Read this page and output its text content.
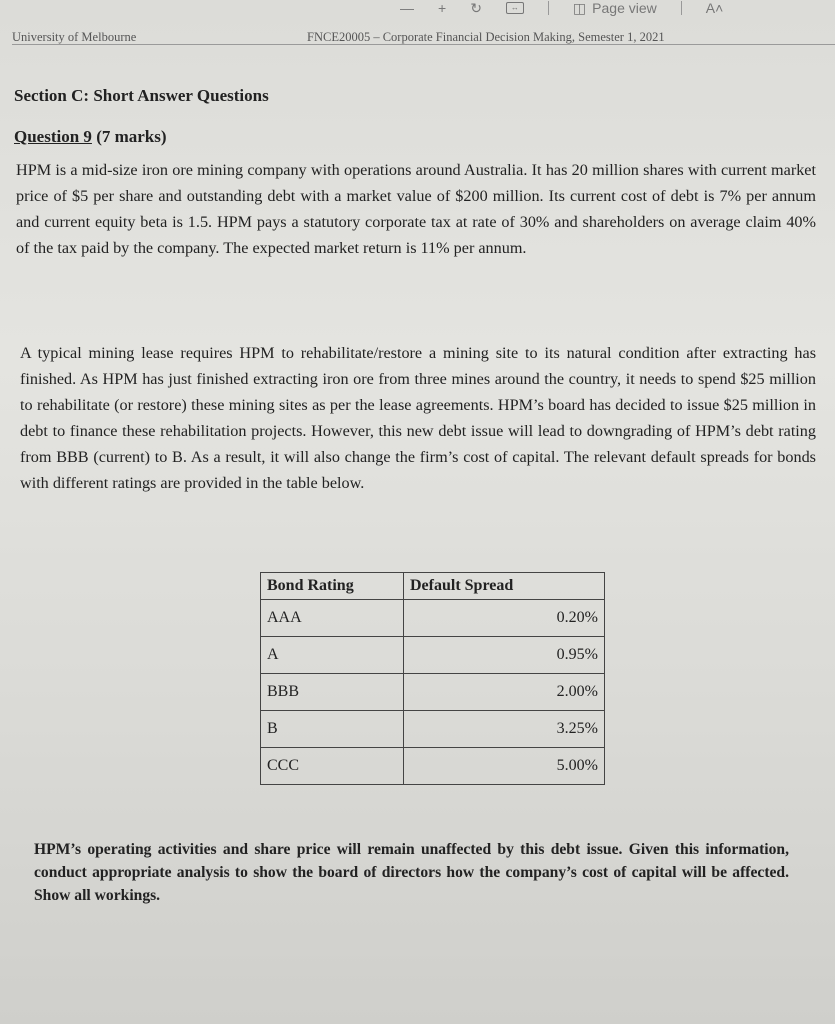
— + ↻	↔	◫ Page view	A˄
University of Melbourne	FNCE20005 – Corporate Financial Decision Making, Semester 1, 2021
Section C: Short Answer Questions
Question 9 (7 marks)

HPM is a mid-size iron ore mining company with operations around Australia. It has 20 million shares with current market price of $5 per share and outstanding debt with a market value of $200 million. Its current cost of debt is 7% per annum and current equity beta is 1.5. HPM pays a statutory corporate tax at rate of 30% and shareholders on average claim 40% of the tax paid by the company. The expected market return is 11% per annum.

A typical mining lease requires HPM to rehabilitate/restore a mining site to its natural condition after extracting has finished. As HPM has just finished extracting iron ore from three mines around the country, it needs to spend $25 million to rehabilitate (or restore) these mining sites as per the lease agreements. HPM’s board has decided to issue $25 million in debt to finance these rehabilitation projects. However, this new debt issue will lead to downgrading of HPM’s debt rating from BBB (current) to B. As a result, it will also change the firm’s cost of capital. The relevant default spreads for bonds with different ratings are provided in the table below.

Bond Rating	Default Spread
AAA	0.20%
A	0.95%
BBB	2.00%
B	3.25%
CCC	5.00%

HPM’s operating activities and share price will remain unaffected by this debt issue. Given this information, conduct appropriate analysis to show the board of directors how the company’s cost of capital will be affected. Show all workings.
